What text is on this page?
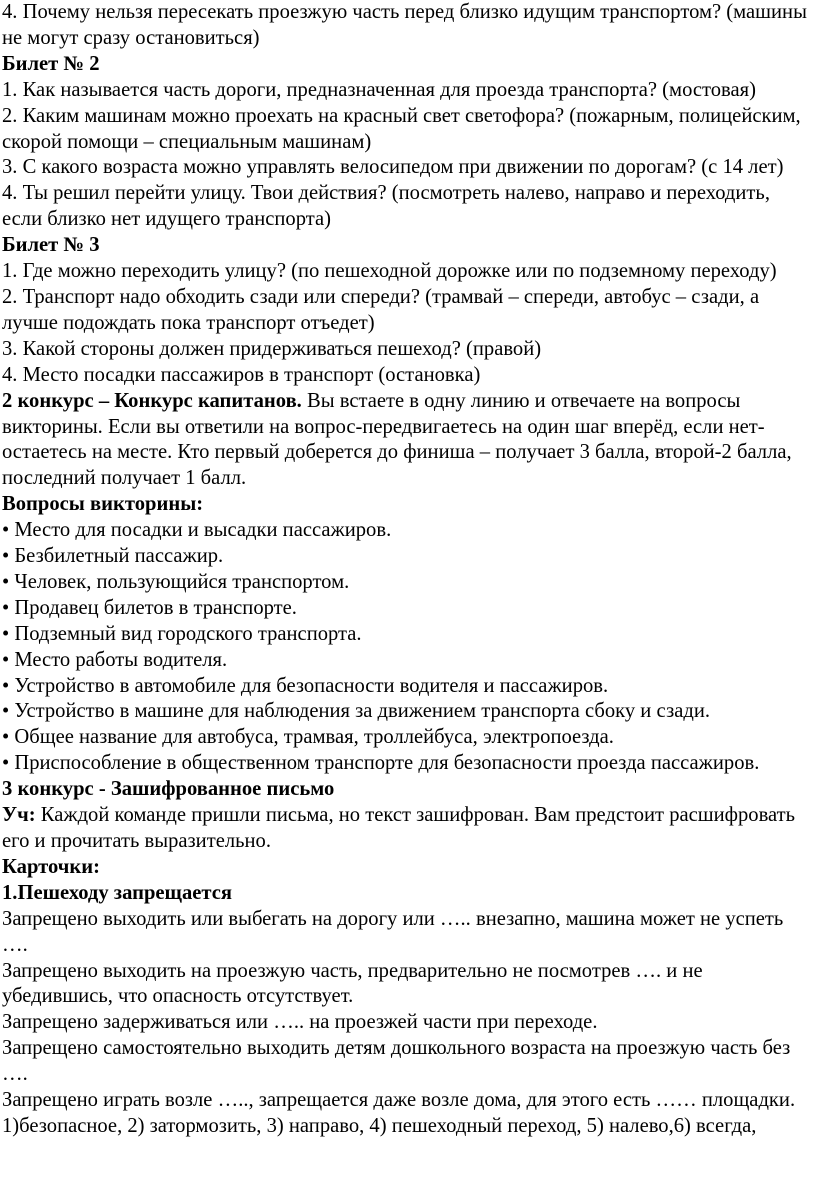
4. Почему нельзя пересекать проезжую часть перед близко идущим транспортом? (машины не могут сразу остановиться)

Билет № 2

1. Как называется часть дороги, предназначенная для проезда транспорта? (мостовая)

2. Каким машинам можно проехать на красный свет светофора? (пожарным, полицейским, скорой помощи – специальным машинам)

3. С какого возраста можно управлять велосипедом при движении по дорогам? (с 14 лет)

4. Ты решил перейти улицу. Твои действия? (посмотреть налево, направо и переходить, если близко нет идущего транспорта)

Билет № 3

1. Где можно переходить улицу? (по пешеходной дорожке или по подземному переходу)

2. Транспорт надо обходить сзади или спереди? (трамвай – спереди, автобус – сзади, а лучше подождать пока транспорт отъедет)

3. Какой стороны должен придерживаться пешеход? (правой)

4. Место посадки пассажиров в транспорт (остановка)

2 конкурс – Конкурс капитанов. Вы встаете в одну линию и отвечаете на вопросы викторины. Если вы ответили на вопрос-передвигаетесь на один шаг вперёд, если нет-остаетесь на месте. Кто первый доберется до финиша – получает 3 балла, второй-2 балла, последний получает 1 балл.

Вопросы викторины:

• Место для посадки и высадки пассажиров.

• Безбилетный пассажир.

• Человек, пользующийся транспортом.

• Продавец билетов в транспорте.

• Подземный вид городского транспорта.

• Место работы водителя.

• Устройство в автомобиле для безопасности водителя и пассажиров.

• Устройство в машине для наблюдения за движением транспорта сбоку и сзади.

• Общее название для автобуса, трамвая, троллейбуса, электропоезда.

• Приспособление в общественном транспорте для безопасности проезда пассажиров.

3 конкурс - Зашифрованное письмо

Уч: Каждой команде пришли письма, но текст зашифрован. Вам предстоит расшифровать его и прочитать выразительно.

Карточки:

1.Пешеходу запрещается

Запрещено выходить или выбегать на дорогу или ….. внезапно, машина может не успеть ….

Запрещено выходить на проезжую часть, предварительно не посмотрев …. и не убедившись, что опасность отсутствует.

Запрещено задерживаться или ….. на проезжей части при переходе.

Запрещено самостоятельно выходить детям дошкольного возраста на проезжую часть без ….

Запрещено играть возле ….., запрещается даже возле дома, для этого есть …… площадки.

1)безопасное, 2) затормозить, 3) направо, 4) пешеходный переход, 5) налево,6) всегда,
